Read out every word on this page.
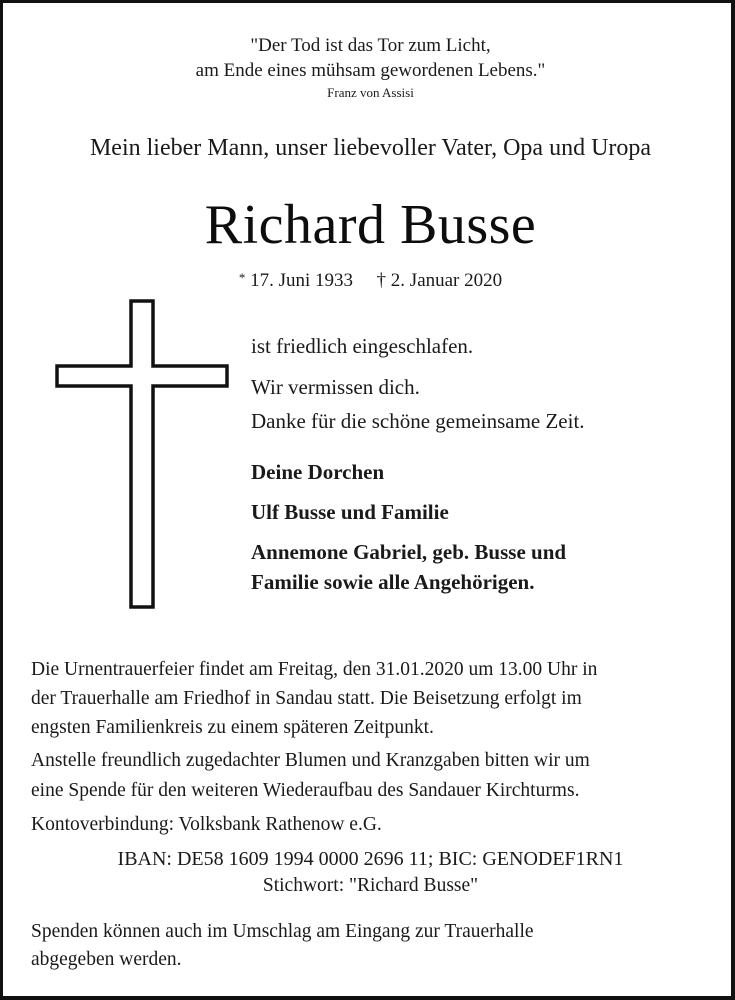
"Der Tod ist das Tor zum Licht,
am Ende eines mühsam gewordenen Lebens."
Franz von Assisi
Mein lieber Mann, unser liebevoller Vater, Opa und Uropa
Richard Busse
* 17. Juni 1933 † 2. Januar 2020
ist friedlich eingeschlafen.
Wir vermissen dich.
Danke für die schöne gemeinsame Zeit.
Deine Dorchen
Ulf Busse und Familie
Annemone Gabriel, geb. Busse und
Familie sowie alle Angehörigen.
Die Urnentrauerfeier findet am Freitag, den 31.01.2020 um 13.00 Uhr in
der Trauerhalle am Friedhof in Sandau statt. Die Beisetzung erfolgt im
engsten Familienkreis zu einem späteren Zeitpunkt.
Anstelle freundlich zugedachter Blumen und Kranzgaben bitten wir um
eine Spende für den weiteren Wiederaufbau des Sandauer Kirchturms.
Kontoverbindung: Volksbank Rathenow e.G.
IBAN: DE58 1609 1994 0000 2696 11; BIC: GENODEF1RN1
Stichwort: "Richard Busse"
Spenden können auch im Umschlag am Eingang zur Trauerhalle
abgegeben werden.
